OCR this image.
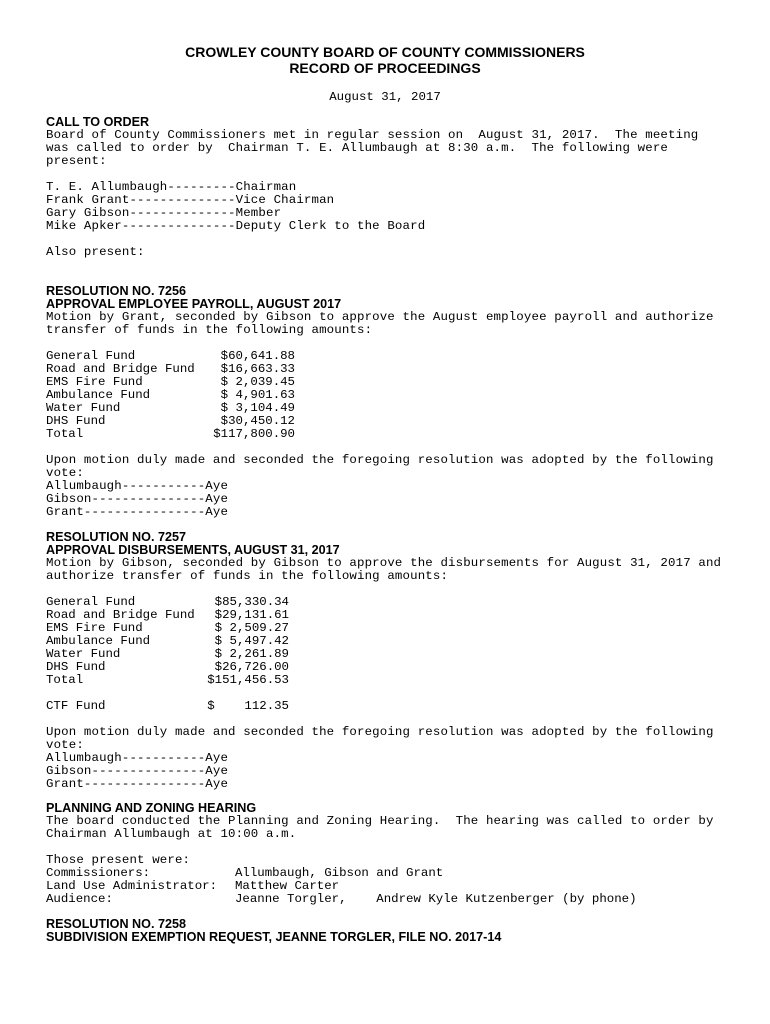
CROWLEY COUNTY BOARD OF COUNTY COMMISSIONERS
RECORD OF PROCEEDINGS
August 31, 2017
CALL TO ORDER
Board of County Commissioners met in regular session on  August 31, 2017.  The meeting
was called to order by  Chairman T. E. Allumbaugh at 8:30 a.m.  The following were
present:
T. E. Allumbaugh---------Chairman
Frank Grant--------------Vice Chairman
Gary Gibson--------------Member
Mike Apker---------------Deputy Clerk to the Board
Also present:
RESOLUTION NO. 7256
APPROVAL EMPLOYEE PAYROLL, AUGUST 2017
Motion by Grant, seconded by Gibson to approve the August employee payroll and authorize
transfer of funds in the following amounts:
General Fund	$60,641.88
Road and Bridge Fund	$16,663.33
EMS Fire Fund	$ 2,039.45
Ambulance Fund	$ 4,901.63
Water Fund	$ 3,104.49
DHS Fund	$30,450.12
Total	$117,800.90
Upon motion duly made and seconded the foregoing resolution was adopted by the following
vote:
Allumbaugh-----------Aye
Gibson---------------Aye
Grant----------------Aye
RESOLUTION NO. 7257
APPROVAL DISBURSEMENTS, AUGUST 31, 2017
Motion by Gibson, seconded by Gibson to approve the disbursements for August 31, 2017 and
authorize transfer of funds in the following amounts:
General Fund	$85,330.34
Road and Bridge Fund	$29,131.61
EMS Fire Fund	$ 2,509.27
Ambulance Fund	$ 5,497.42
Water Fund	$ 2,261.89
DHS Fund	$26,726.00
Total	$151,456.53
CTF Fund	$    112.35
Upon motion duly made and seconded the foregoing resolution was adopted by the following
vote:
Allumbaugh-----------Aye
Gibson---------------Aye
Grant----------------Aye
PLANNING AND ZONING HEARING
The board conducted the Planning and Zoning Hearing.  The hearing was called to order by
Chairman Allumbaugh at 10:00 a.m.
Those present were:
Commissioners:	Allumbaugh, Gibson and Grant
Land Use Administrator: Matthew Carter
Audience:	Jeanne Torgler,    Andrew Kyle Kutzenberger (by phone)
RESOLUTION NO. 7258
SUBDIVISION EXEMPTION REQUEST, JEANNE TORGLER, FILE NO. 2017-14
